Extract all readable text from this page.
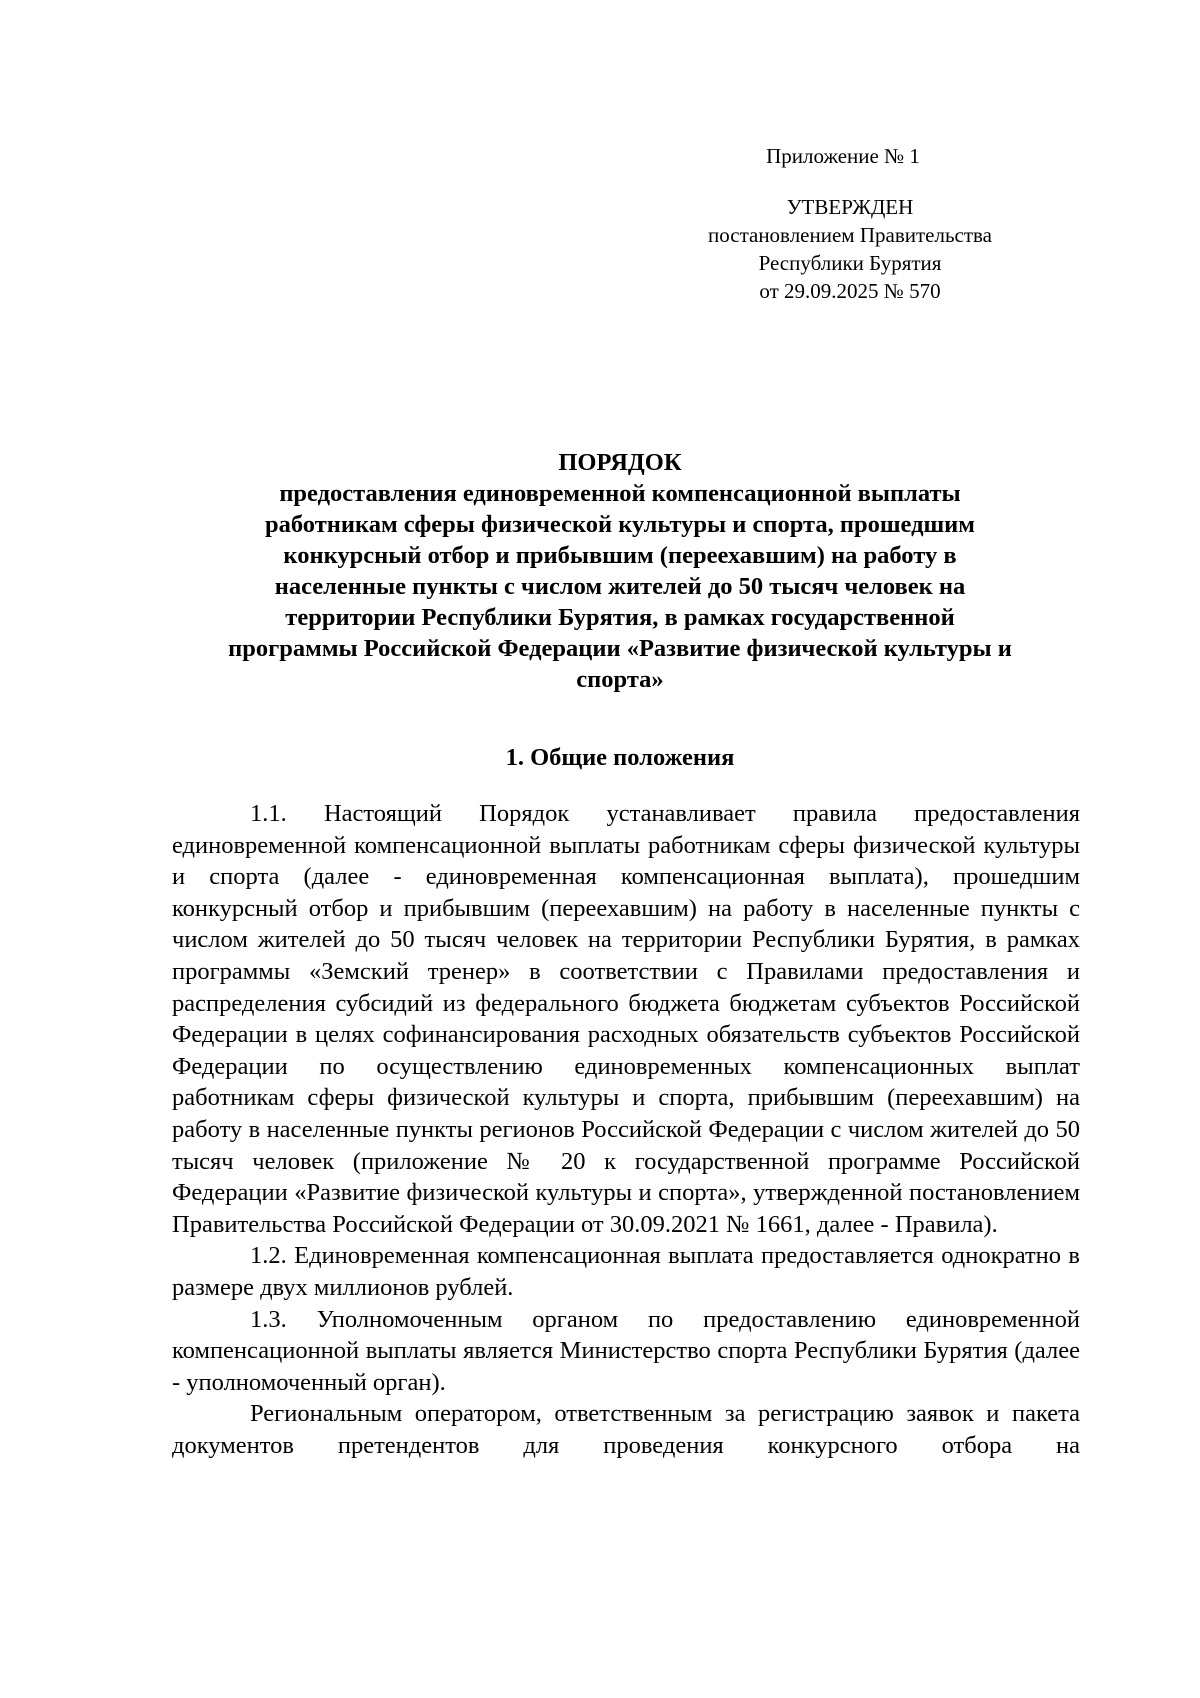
Приложение № 1
УТВЕРЖДЕН
постановлением Правительства
Республики Бурятия
от 29.09.2025 № 570
ПОРЯДОК
предоставления единовременной компенсационной выплаты
работникам сферы физической культуры и спорта, прошедшим
конкурсный отбор и прибывшим (переехавшим) на работу в
населенные пункты с числом жителей до 50 тысяч человек на
территории Республики Бурятия, в рамках государственной
программы Российской Федерации «Развитие физической культуры и
спорта»
1. Общие положения

1.1. Настоящий Порядок устанавливает правила предоставления единовременной компенсационной выплаты работникам сферы физической культуры и спорта (далее - единовременная компенсационная выплата), прошедшим конкурсный отбор и прибывшим (переехавшим) на работу в населенные пункты с числом жителей до 50 тысяч человек на территории Республики Бурятия, в рамках программы «Земский тренер» в соответствии с Правилами предоставления и распределения субсидий из федерального бюджета бюджетам субъектов Российской Федерации в целях софинансирования расходных обязательств субъектов Российской Федерации по осуществлению единовременных компенсационных выплат работникам сферы физической культуры и спорта, прибывшим (переехавшим) на работу в населенные пункты регионов Российской Федерации с числом жителей до 50 тысяч человек (приложение № 20 к государственной программе Российской Федерации «Развитие физической культуры и спорта», утвержденной постановлением Правительства Российской Федерации от 30.09.2021 № 1661, далее - Правила).

1.2. Единовременная компенсационная выплата предоставляется однократно в размере двух миллионов рублей.

1.3. Уполномоченным органом по предоставлению единовременной компенсационной выплаты является Министерство спорта Республики Бурятия (далее - уполномоченный орган).

Региональным оператором, ответственным за регистрацию заявок и пакета документов претендентов для проведения конкурсного отбора на
